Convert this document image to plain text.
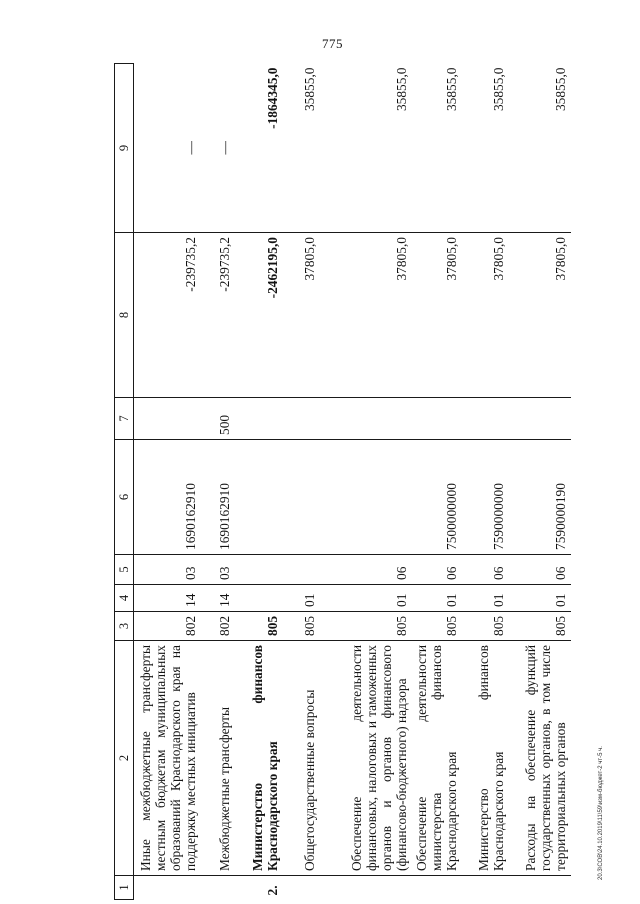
775
20.3\СОВ\24.10.2019\11\59\изм-бюджет-2 чт-5 ч.
1	2	3	4	5	6	7	8	9
	Иные межбюджетные трансферты местным бюджетам муниципальных образований Краснодарского края на поддержку местных инициатив	802	14	03	1690162910		-239735,2	—
	Межбюджетные трансферты	802	14	03	1690162910	500	-239735,2	—
2.	Министерство финансов Краснодарского края	805					-2462195,0	-1864345,0
	Общегосударственные вопросы	805	01				37805,0	35855,0
	Обеспечение деятельности финансовых, налоговых и таможенных органов и органов финансового (финансово-бюджетного) надзора	805	01	06			37805,0	35855,0
	Обеспечение деятельности министерства финансов Краснодарского края	805	01	06	7500000000		37805,0	35855,0
	Министерство финансов Краснодарского края	805	01	06	7590000000		37805,0	35855,0
	Расходы на обеспечение функций государственных органов, в том числе территориальных органов	805	01	06	7590000190		37805,0	35855,0
